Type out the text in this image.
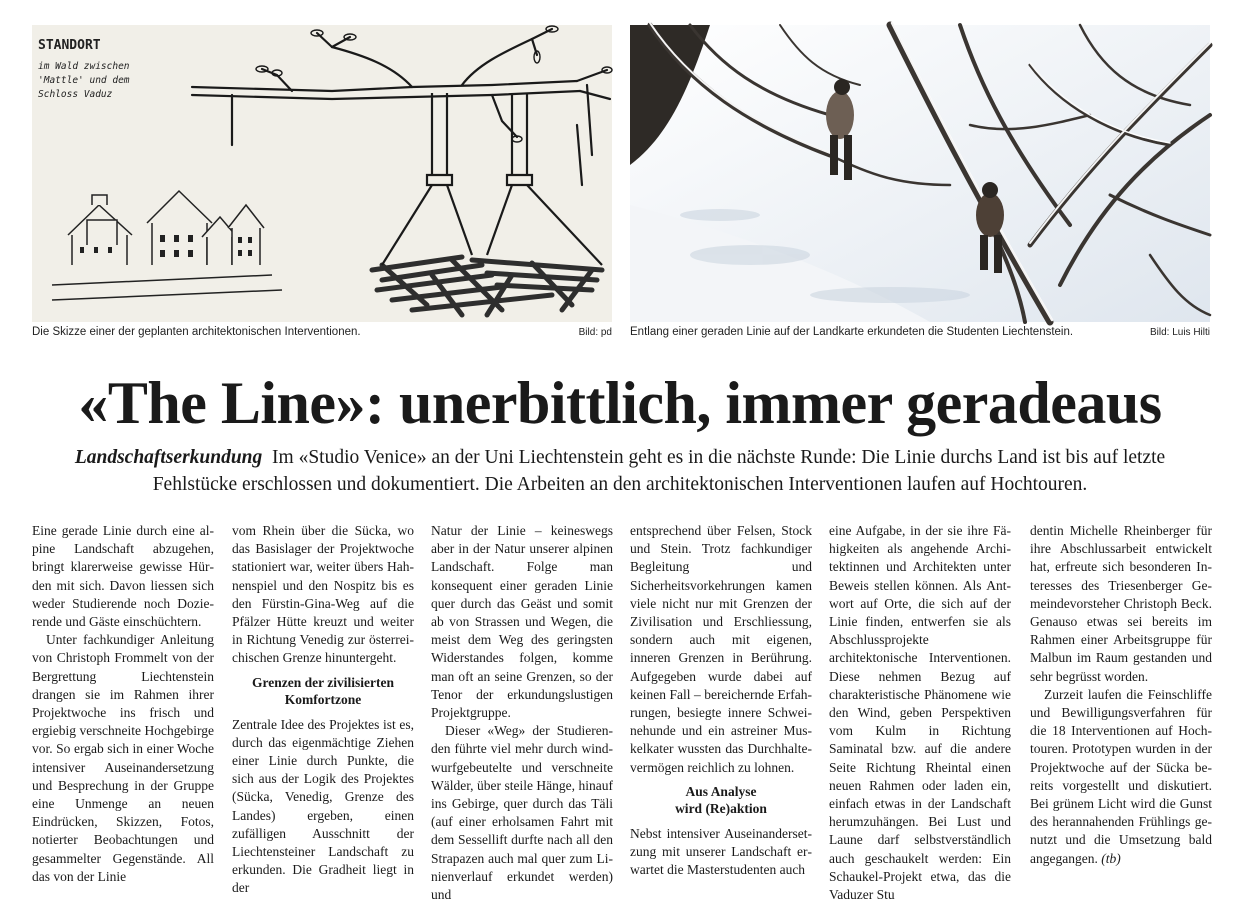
STANDORT
im Wald zwischen
'Mattle' und dem
Schloss Vaduz
Die Skizze einer der geplanten architektonischen Interventionen.	Bild: pd Entlang einer geraden Linie auf der Landkarte erkundeten die Studenten Liechtenstein.	Bild: Luis Hilti
«The Line»: unerbittlich, immer geradeaus

Landschaftserkundung Im «Studio Venice» an der Uni Liechtenstein geht es in die nächste Runde: Die Linie durchs Land ist bis auf letzte Fehlstücke erschlossen und dokumentiert. Die Arbeiten an den architektonischen Interventionen laufen auf Hochtouren.

Eine gerade Linie durch eine alpine Landschaft abzugehen, bringt klarerweise gewisse Hürden mit sich. Davon liessen sich weder Studierende noch Dozierende und Gäste einschüchtern.

Unter fachkundiger Anleitung von Christoph Frommelt von der Bergrettung Liechtenstein drangen sie im Rahmen ihrer Projektwoche ins frisch und ergiebig verschneite Hochgebirge vor. So ergab sich in einer Woche intensiver Auseinandersetzung und Besprechung in der Gruppe eine Unmenge an neuen Eindrücken, Skizzen, Fotos, notierter Beobachtungen und gesammelter Gegenstände. All das von der Linie

vom Rhein über die Sücka, wo das Basislager der Projektwoche stationiert war, weiter übers Hahnenspiel und den Nospitz bis es den Fürstin-Gina-Weg auf die Pfälzer Hütte kreuzt und weiter in Richtung Venedig zur österreichischen Grenze hinuntergeht.

Grenzen der zivilisierten Komfortzone

Zentrale Idee des Projektes ist es, durch das eigenmächtige Ziehen einer Linie durch Punkte, die sich aus der Logik des Projektes (Sücka, Venedig, Grenze des Landes) ergeben, einen zufälligen Ausschnitt der Liechtensteiner Landschaft zu erkunden. Die Gradheit liegt in der

Natur der Linie – keineswegs aber in der Natur unserer alpinen Landschaft. Folge man konsequent einer geraden Linie quer durch das Geäst und somit ab von Strassen und Wegen, die meist dem Weg des geringsten Widerstandes folgen, komme man oft an seine Grenzen, so der Tenor der erkundungslustigen Projektgruppe.

Dieser «Weg» der Studierenden führte viel mehr durch windwurfgebeutelte und verschneite Wälder, über steile Hänge, hinauf ins Gebirge, quer durch das Täli (auf einer erholsamen Fahrt mit dem Sessellift durfte nach all den Strapazen auch mal quer zum Linienverlauf erkundet werden) und

entsprechend über Felsen, Stock und Stein. Trotz fachkundiger Begleitung und Sicherheitsvorkehrungen kamen viele nicht nur mit Grenzen der Zivilisation und Erschliessung, sondern auch mit eigenen, inneren Grenzen in Berührung. Aufgegeben wurde dabei auf keinen Fall – bereichernde Erfahrungen, besiegte innere Schweinehunde und ein astreiner Muskelkater wussten das Durchhaltevermögen reichlich zu lohnen.

Aus Analyse
wird (Re)aktion

Nebst intensiver Auseinandersetzung mit unserer Landschaft erwartet die Masterstudenten auch

eine Aufgabe, in der sie ihre Fähigkeiten als angehende Architektinnen und Architekten unter Beweis stellen können. Als Antwort auf Orte, die sich auf der Linie finden, entwerfen sie als Abschlussprojekte architektonische Interventionen. Diese nehmen Bezug auf charakteristische Phänomene wie den Wind, geben Perspektiven vom Kulm in Richtung Saminatal bzw. auf die andere Seite Richtung Rheintal einen neuen Rahmen oder laden ein, einfach etwas in der Landschaft herumzuhängen. Bei Lust und Laune darf selbstverständlich auch geschaukelt werden: Ein Schaukel-Projekt etwa, das die Vaduzer Stu

dentin Michelle Rheinberger für ihre Abschlussarbeit entwickelt hat, erfreute sich besonderen Interesses des Triesenberger Gemeindevorsteher Christoph Beck. Genauso etwas sei bereits im Rahmen einer Arbeitsgruppe für Malbun im Raum gestanden und sehr begrüsst worden.

Zurzeit laufen die Feinschliffe und Bewilligungsverfahren für die 18 Interventionen auf Hochtouren. Prototypen wurden in der Projektwoche auf der Sücka bereits vorgestellt und diskutiert. Bei grünem Licht wird die Gunst des herannahenden Frühlings genutzt und die Umsetzung bald angegangen. (tb)
